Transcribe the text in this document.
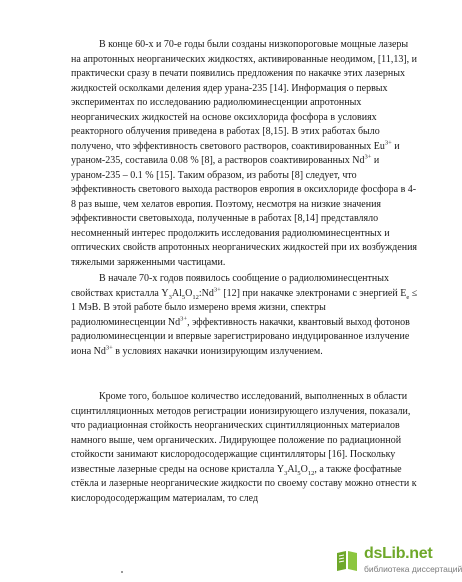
В конце 60-х и 70-е годы были созданы низкопороговые мощные лазеры на апротонных неорганических жидкостях, активированные неодимом, [11,13], и практически сразу в печати появились предложения по накачке этих лазерных жидкостей осколками деления ядер урана-235 [14]. Информация о первых экспериментах по исследованию радиолюминесценции апротонных неорганических жидкостей на основе оксихлорида фосфора в условиях реакторного облучения приведена в работах [8,15]. В этих работах было получено, что эффективность светового растворов, соактивированных $Eu^{3+}$ и ураном-235, составила 0.08 % [8], а растворов соактивированных $Nd^{3+}$ и ураном-235 – 0.1 % [15]. Таким образом, из работы [8] следует, что эффективность светового выхода растворов европия в оксихлориде фосфора в 4-8 раз выше, чем хелатов европия. Поэтому, несмотря на низкие значения эффективности световыхода, полученные в работах [8,14] представляло несомненный интерес продолжить исследования радиолюминесцентных и оптических свойств апротонных неорганических жидкостей при их возбуждения тяжелыми заряженными частицами.

В начале 70-х годов появилось сообщение о радиолюминесцентных свойствах кристалла $Y_3Al_5O_{12}:Nd^{3+}$ [12] при накачке электронами с энергией $E_e \le 1$ МэВ. В этой работе было измерено время жизни, спектры радиолюминесценции $Nd^{3+}$, эффективность накачки, квантовый выход фотонов радиолюминесценции и впервые зарегистрировано индуцированное излучение иона $Nd^{3+}$ в условиях накачки ионизирующим излучением.

Кроме того, большое количество исследований, выполненных в области сцинтилляционных методов регистрации ионизирующего излучения, показали, что радиационная стойкость неорганических сцинтилляционных материалов намного выше, чем органических. Лидирующее положение по радиационной стойкости занимают кислородосодержащие сцинтилляторы [16]. Поскольку известные лазерные среды на основе кристалла $Y_3Al_5O_{12}$, а также фосфатные стёкла и лазерные неорганические жидкости по своему составу можно отнести к кислородосодержащим материалам, то след

dsLib.net
библиотека диссертаций
